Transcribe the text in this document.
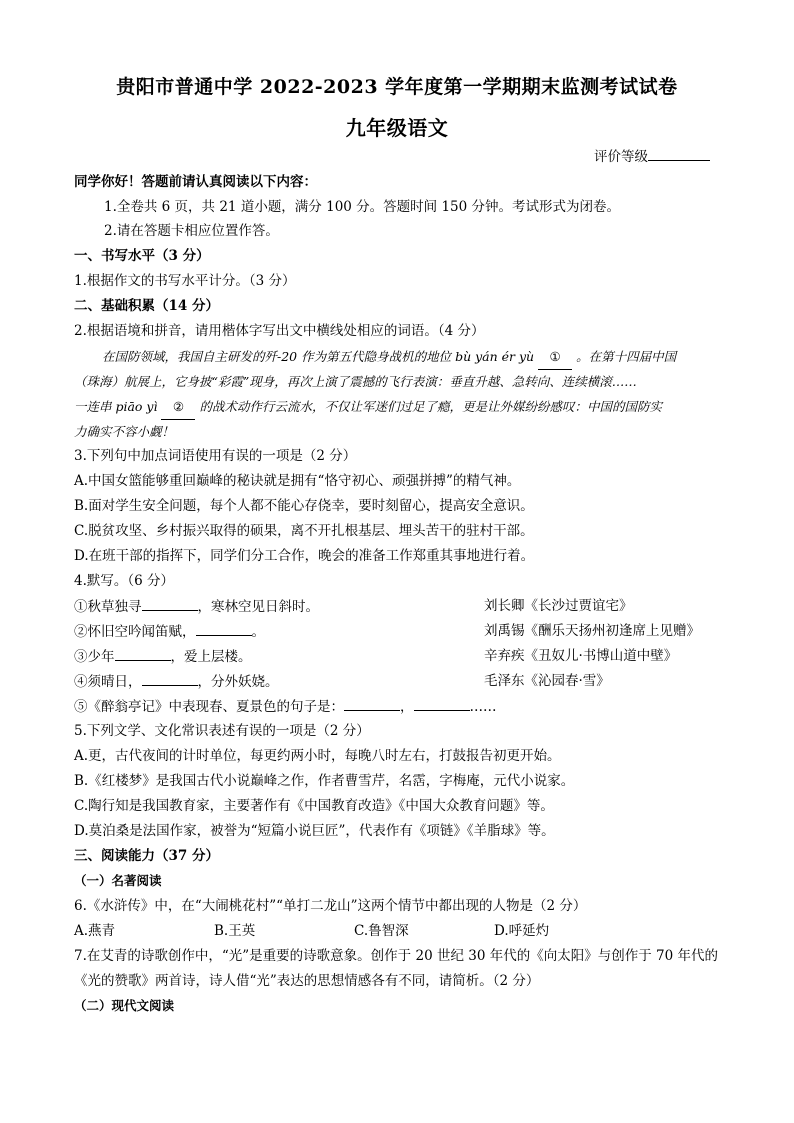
贵阳市普通中学 2022-2023 学年度第一学期期末监测考试试卷
九年级语文
评价等级
同学你好！答题前请认真阅读以下内容：
1.全卷共 6 页，共 21 道小题，满分 100 分。答题时间 150 分钟。考试形式为闭卷。
2.请在答题卡相应位置作答。
一、书写水平（3 分）
1.根据作文的书写水平计分。（3 分）
二、基础积累（14 分）
2.根据语境和拼音，请用楷体字写出文中横线处相应的词语。（4 分）
在国防领域，我国自主研发的歼-20 作为第五代隐身战机的地位 bù yán ér yù ① 。在第十四届中国
（珠海）航展上，它身披“彩霞”现身，再次上演了震撼的飞行表演：垂直升越、急转向、连续横滚……
一连串 piāo yì ② 的战术动作行云流水，不仅让军迷们过足了瘾，更是让外媒纷纷感叹：中国的国防实
力确实不容小觑！
3.下列句中加点词语使用有误的一项是（2 分）
A.中国女篮能够重回巅峰的秘诀就是拥有“恪守初心、顽强拼搏”的精气神。
B.面对学生安全问题，每个人都不能心存侥幸，要时刻留心，提高安全意识。
C.脱贫攻坚、乡村振兴取得的硕果，离不开扎根基层、埋头苦干的驻村干部。
D.在班干部的指挥下，同学们分工合作，晚会的准备工作郑重其事地进行着。
4.默写。（6 分）
①秋草独寻	，寒林空见日斜时。	刘长卿《长沙过贾谊宅》
②怀旧空吟闻笛赋，	。	刘禹锡《酬乐天扬州初逢席上见赠》
③少年	，爱上层楼。	辛弃疾《丑奴儿·书博山道中壁》
④须晴日，	，分外妖娆。	毛泽东《沁园春·雪》
⑤《醉翁亭记》中表现春、夏景色的句子是：	，	……
5.下列文学、文化常识表述有误的一项是（2 分）
A.更，古代夜间的计时单位，每更约两小时，每晚八时左右，打鼓报告初更开始。
B.《红楼梦》是我国古代小说巅峰之作，作者曹雪芹，名霑，字梅庵，元代小说家。
C.陶行知是我国教育家，主要著作有《中国教育改造》《中国大众教育问题》等。
D.莫泊桑是法国作家，被誉为“短篇小说巨匠”，代表作有《项链》《羊脂球》等。
三、阅读能力（37 分）
（一）名著阅读
6.《水浒传》中，在“大闹桃花村”“单打二龙山”这两个情节中都出现的人物是（2 分）
A.燕青	B.王英	C.鲁智深	D.呼延灼
7.在艾青的诗歌创作中，“光”是重要的诗歌意象。创作于 20 世纪 30 年代的《向太阳》与创作于 70 年代的
《光的赞歌》两首诗，诗人借“光”表达的思想情感各有不同，请简析。（2 分）
（二）现代文阅读
